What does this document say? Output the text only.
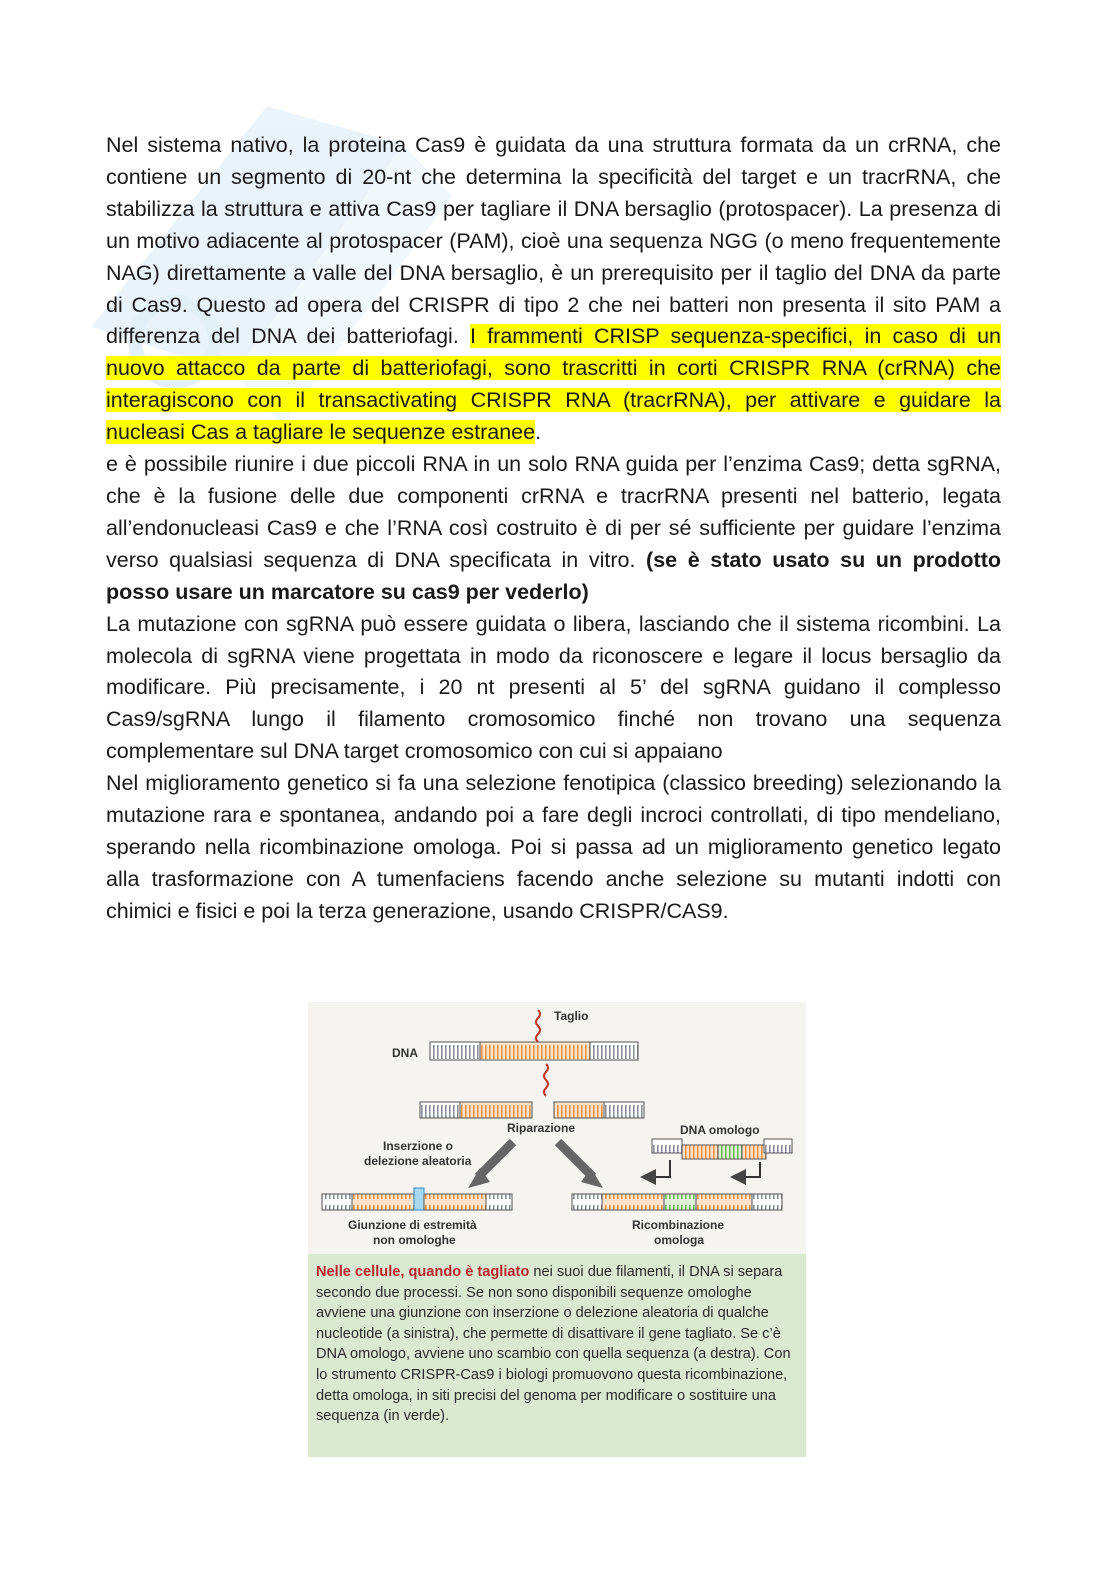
Nel sistema nativo, la proteina Cas9 è guidata da una struttura formata da un crRNA, che contiene un segmento di 20-nt che determina la specificità del target e un tracrRNA, che stabilizza la struttura e attiva Cas9 per tagliare il DNA bersaglio (protospacer). La presenza di un motivo adiacente al protospacer (PAM), cioè una sequenza NGG (o meno frequentemente NAG) direttamente a valle del DNA bersaglio, è un prerequisito per il taglio del DNA da parte di Cas9. Questo ad opera del CRISPR di tipo 2 che nei batteri non presenta il sito PAM a differenza del DNA dei batteriofagi. I frammenti CRISP sequenza-specifici, in caso di un nuovo attacco da parte di batteriofagi, sono trascritti in corti CRISPR RNA (crRNA) che interagiscono con il transactivating CRISPR RNA (tracrRNA), per attivare e guidare la nucleasi Cas a tagliare le sequenze estranee.

e è possibile riunire i due piccoli RNA in un solo RNA guida per l’enzima Cas9; detta sgRNA, che è la fusione delle due componenti crRNA e tracrRNA presenti nel batterio, legata all’endonucleasi Cas9 e che l’RNA così costruito è di per sé sufficiente per guidare l’enzima verso qualsiasi sequenza di DNA specificata in vitro. (se è stato usato su un prodotto posso usare un marcatore su cas9 per vederlo)

La mutazione con sgRNA può essere guidata o libera, lasciando che il sistema ricombini. La molecola di sgRNA viene progettata in modo da riconoscere e legare il locus bersaglio da modificare. Più precisamente, i 20 nt presenti al 5’ del sgRNA guidano il complesso Cas9/sgRNA lungo il filamento cromosomico finché non trovano una sequenza complementare sul DNA target cromosomico con cui si appaiano

Nel miglioramento genetico si fa una selezione fenotipica (classico breeding) selezionando la mutazione rara e spontanea, andando poi a fare degli incroci controllati, di tipo mendeliano, sperando nella ricombinazione omologa. Poi si passa ad un miglioramento genetico legato alla trasformazione con A tumenfaciens facendo anche selezione su mutanti indotti con chimici e fisici e poi la terza generazione, usando CRISPR/CAS9.

DNA
Taglio
Riparazione
Inserzione o
delezione aleatoria
DNA omologo
Giunzione di estremità
non omologhe
Ricombinazione
omologa
Nelle cellule, quando è tagliato nei suoi due filamenti, il DNA si separa secondo due processi. Se non sono disponibili sequenze omologhe avviene una giunzione con inserzione o delezione aleatoria di qualche nucleotide (a sinistra), che permette di disattivare il gene tagliato. Se c’è DNA omologo, avviene uno scambio con quella sequenza (a destra). Con lo strumento CRISPR-Cas9 i biologi promuovono questa ricombinazione, detta omologa, in siti precisi del genoma per modificare o sostituire una sequenza (in verde).
